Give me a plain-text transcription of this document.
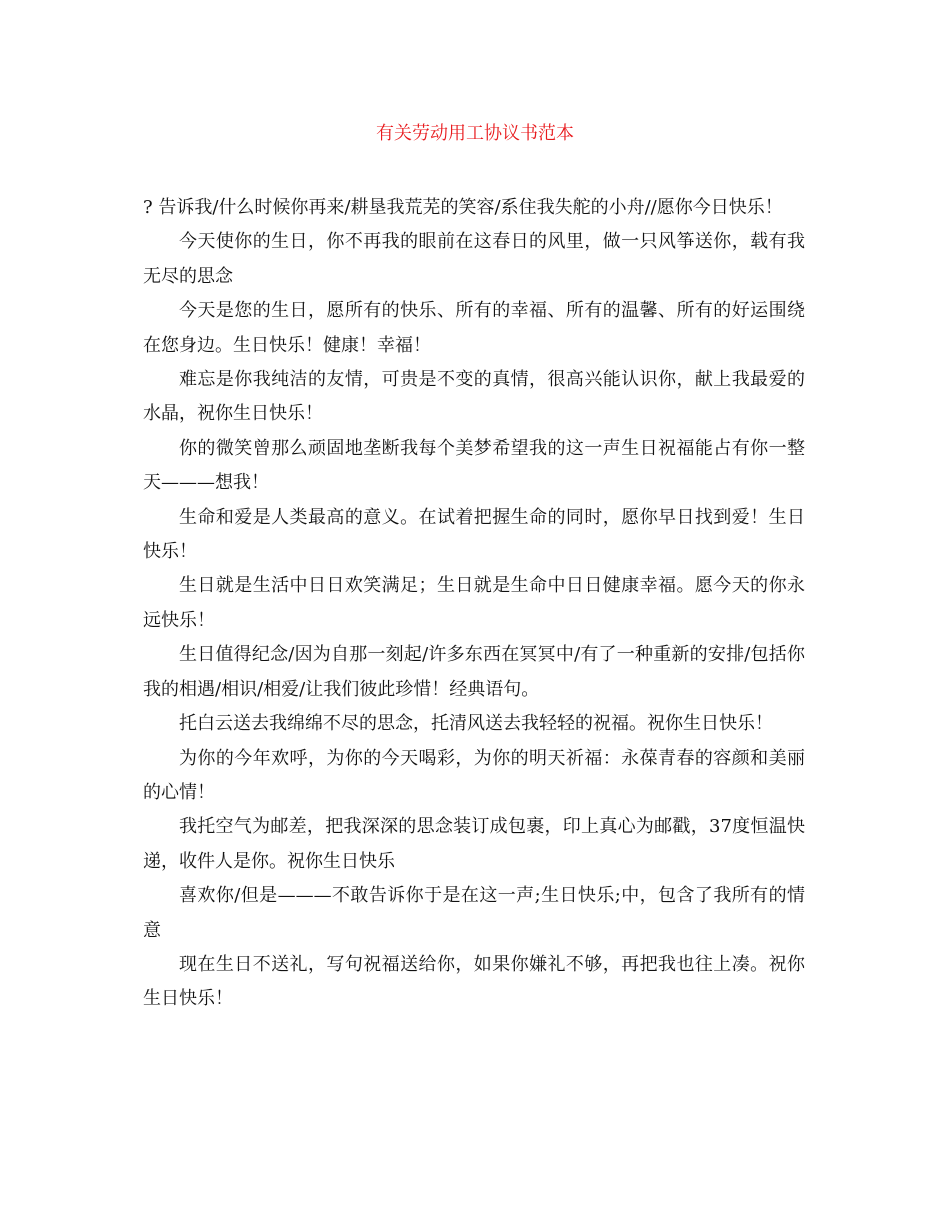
有关劳动用工协议书范本

? 告诉我/什么时候你再来/耕垦我荒芜的笑容/系住我失舵的小舟//愿你今日快乐！

今天使你的生日，你不再我的眼前在这春日的风里，做一只风筝送你，载有我无尽的思念

今天是您的生日，愿所有的快乐、所有的幸福、所有的温馨、所有的好运围绕在您身边。生日快乐！健康！幸福！

难忘是你我纯洁的友情，可贵是不变的真情，很高兴能认识你，献上我最爱的水晶，祝你生日快乐！

你的微笑曾那么顽固地垄断我每个美梦希望我的这一声生日祝福能占有你一整天———想我！

生命和爱是人类最高的意义。在试着把握生命的同时，愿你早日找到爱！生日快乐！

生日就是生活中日日欢笑满足；生日就是生命中日日健康幸福。愿今天的你永远快乐！

生日值得纪念/因为自那一刻起/许多东西在冥冥中/有了一种重新的安排/包括你我的相遇/相识/相爱/让我们彼此珍惜！经典语句。

托白云送去我绵绵不尽的思念，托清风送去我轻轻的祝福。祝你生日快乐！

为你的今年欢呼，为你的今天喝彩，为你的明天祈福：永葆青春的容颜和美丽的心情！

我托空气为邮差，把我深深的思念装订成包裹，印上真心为邮戳，37度恒温快递，收件人是你。祝你生日快乐

喜欢你/但是———不敢告诉你于是在这一声;生日快乐;中，包含了我所有的情意

现在生日不送礼，写句祝福送给你，如果你嫌礼不够，再把我也往上凑。祝你生日快乐！
